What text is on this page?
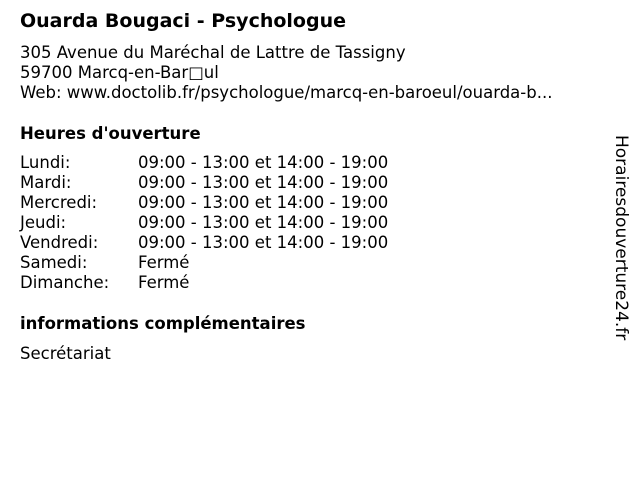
Ouarda Bougaci - Psychologue
305 Avenue du Maréchal de Lattre de Tassigny
59700 Marcq-en-Bar□ul
Web: www.doctolib.fr/psychologue/marcq-en-baroeul/ouarda-b...
Heures d'ouverture
Lundi:	09:00 - 13:00 et 14:00 - 19:00
Mardi:	09:00 - 13:00 et 14:00 - 19:00
Mercredi: 09:00 - 13:00 et 14:00 - 19:00
Jeudi:	09:00 - 13:00 et 14:00 - 19:00
Vendredi: 09:00 - 13:00 et 14:00 - 19:00
Samedi:	Fermé
Dimanche: Fermé
informations complémentaires
Secrétariat
Horairesdouverture24.fr
